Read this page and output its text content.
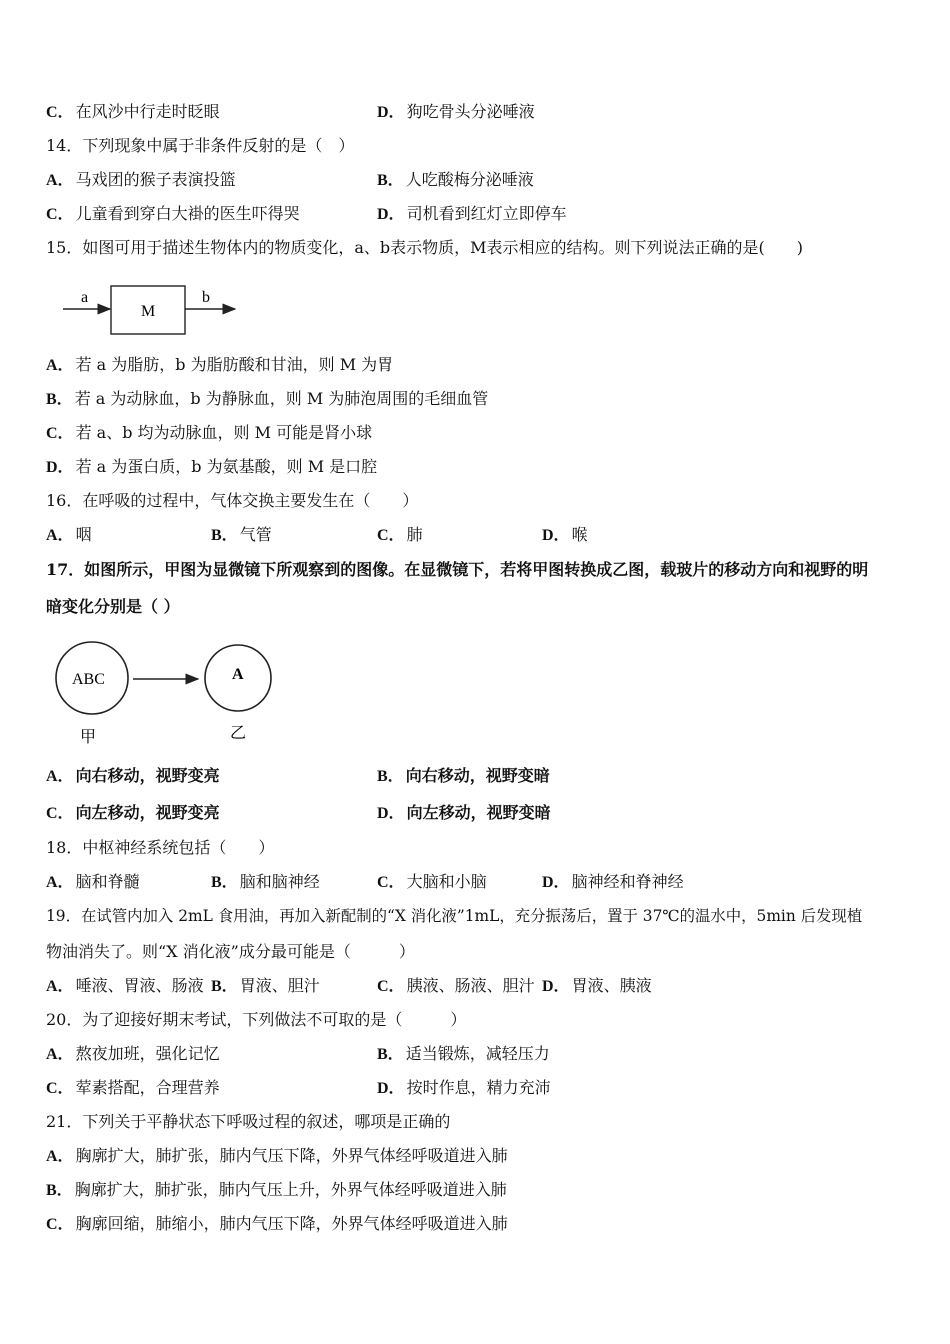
C． 在风沙中行走时眨眼	D． 狗吃骨头分泌唾液
14．下列现象中属于非条件反射的是（　）
A． 马戏团的猴子表演投篮	B． 人吃酸梅分泌唾液
C． 儿童看到穿白大褂的医生吓得哭	D． 司机看到红灯立即停车
15．如图可用于描述生物体内的物质变化，a、b表示物质，M表示相应的结构。则下列说法正确的是(　　)
a
M
b
A． 若 a 为脂肪，b 为脂肪酸和甘油，则 M 为胃
B． 若 a 为动脉血，b 为静脉血，则 M 为肺泡周围的毛细血管
C． 若 a、b 均为动脉血，则 M 可能是肾小球
D． 若 a 为蛋白质，b 为氨基酸，则 M 是口腔
16．在呼吸的过程中，气体交换主要发生在（　　）
A． 咽	B． 气管	C． 肺	D． 喉
17．如图所示，甲图为显微镜下所观察到的图像。在显微镜下，若将甲图转换成乙图，载玻片的移动方向和视野的明
暗变化分别是（ ）
ABC	A
甲	乙
A． 向右移动，视野变亮	B． 向右移动，视野变暗
C． 向左移动，视野变亮	D． 向左移动，视野变暗
18．中枢神经系统包括（　　）
A． 脑和脊髓	B． 脑和脑神经	C． 大脑和小脑	D． 脑神经和脊神经
19．在试管内加入 2mL 食用油，再加入新配制的“X 消化液”1mL，充分振荡后，置于 37℃的温水中，5min 后发现植
物油消失了。则“X 消化液”成分最可能是（　　　）
A． 唾液、胃液、肠液 B． 胃液、胆汁	C． 胰液、肠液、胆汁 D． 胃液、胰液
20．为了迎接好期末考试，下列做法不可取的是（　　　）
A． 熬夜加班，强化记忆	B． 适当锻炼，减轻压力
C． 荤素搭配，合理营养	D． 按时作息，精力充沛
21．下列关于平静状态下呼吸过程的叙述，哪项是正确的
A． 胸廓扩大，肺扩张，肺内气压下降，外界气体经呼吸道进入肺
B． 胸廓扩大，肺扩张，肺内气压上升，外界气体经呼吸道进入肺
C． 胸廓回缩，肺缩小，肺内气压下降，外界气体经呼吸道进入肺
